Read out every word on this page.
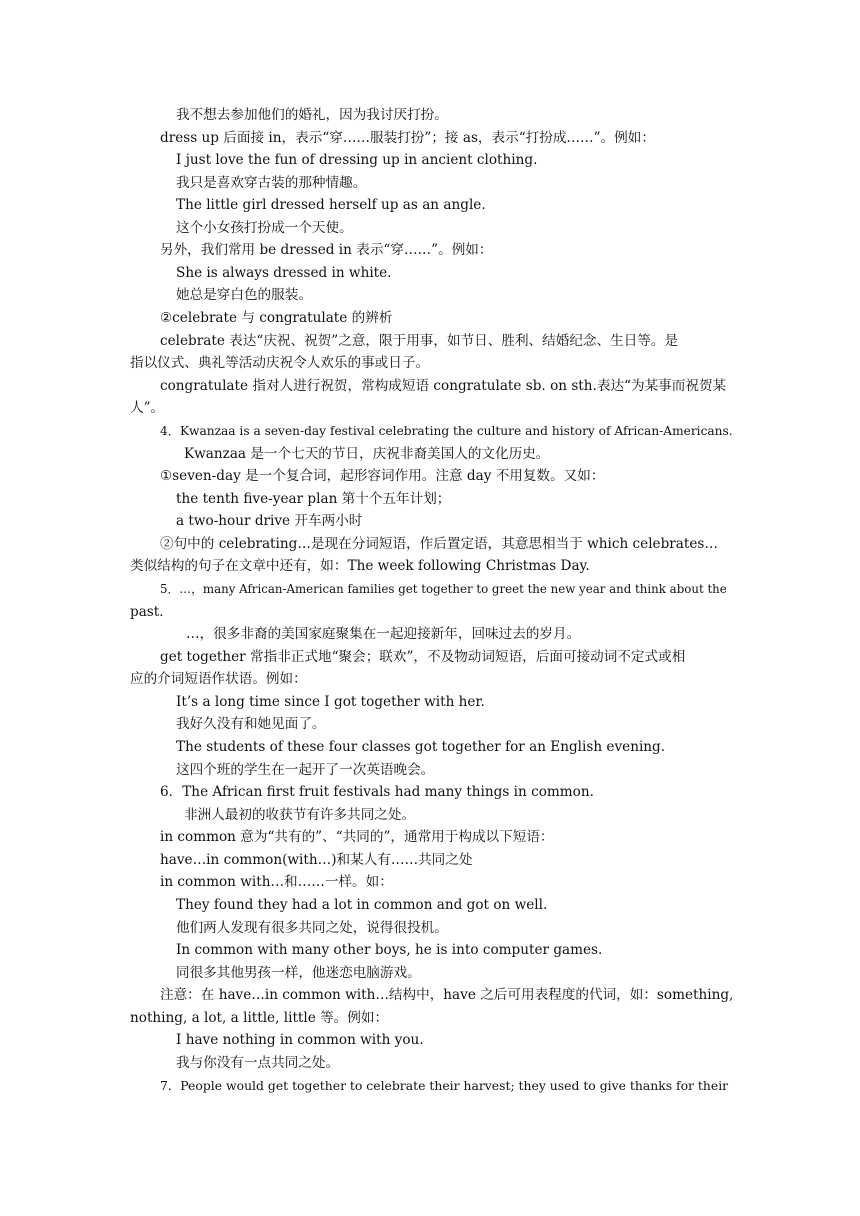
我不想去参加他们的婚礼，因为我讨厌打扮。
dress up 后面接 in，表示“穿……服装打扮”；接 as，表示“打扮成……”。例如：
I just love the fun of dressing up in ancient clothing.
我只是喜欢穿古装的那种情趣。
The little girl dressed herself up as an angle.
这个小女孩打扮成一个天使。
另外，我们常用 be dressed in 表示“穿……”。例如：
She is always dressed in white.
她总是穿白色的服装。
②celebrate 与 congratulate 的辨析
celebrate 表达“庆祝、祝贺”之意，限于用事，如节日、胜利、结婚纪念、生日等。是
指以仪式、典礼等活动庆祝令人欢乐的事或日子。
congratulate 指对人进行祝贺，常构成短语 congratulate sb. on sth.表达“为某事而祝贺某
人”。
4．Kwanzaa is a seven-day festival celebrating the culture and history of African-Americans.
Kwanzaa 是一个七天的节日，庆祝非裔美国人的文化历史。
①seven-day 是一个复合词，起形容词作用。注意 day 不用复数。又如：
the tenth five-year plan 第十个五年计划；
a two-hour drive 开车两小时
②句中的 celebrating…是现在分词短语，作后置定语，其意思相当于 which celebrates…
类似结构的句子在文章中还有，如：The week following Christmas Day.
5．…，many African-American families get together to greet the new year and think about the
past.
…，很多非裔的美国家庭聚集在一起迎接新年，回味过去的岁月。
get together 常指非正式地“聚会；联欢”，不及物动词短语，后面可接动词不定式或相
应的介词短语作状语。例如：
It’s a long time since I got together with her.
我好久没有和她见面了。
The students of these four classes got together for an English evening.
这四个班的学生在一起开了一次英语晚会。
6．The African first fruit festivals had many things in common.
非洲人最初的收获节有许多共同之处。
in common 意为“共有的”、“共同的”，通常用于构成以下短语：
have…in common(with…)和某人有……共同之处
in common with…和……一样。如：
They found they had a lot in common and got on well.
他们两人发现有很多共同之处，说得很投机。
In common with many other boys, he is into computer games.
同很多其他男孩一样，他迷恋电脑游戏。
注意：在 have…in common with…结构中，have 之后可用表程度的代词，如：something,
nothing, a lot, a little, little 等。例如：
I have nothing in common with you.
我与你没有一点共同之处。
7．People would get together to celebrate their harvest; they used to give thanks for their
